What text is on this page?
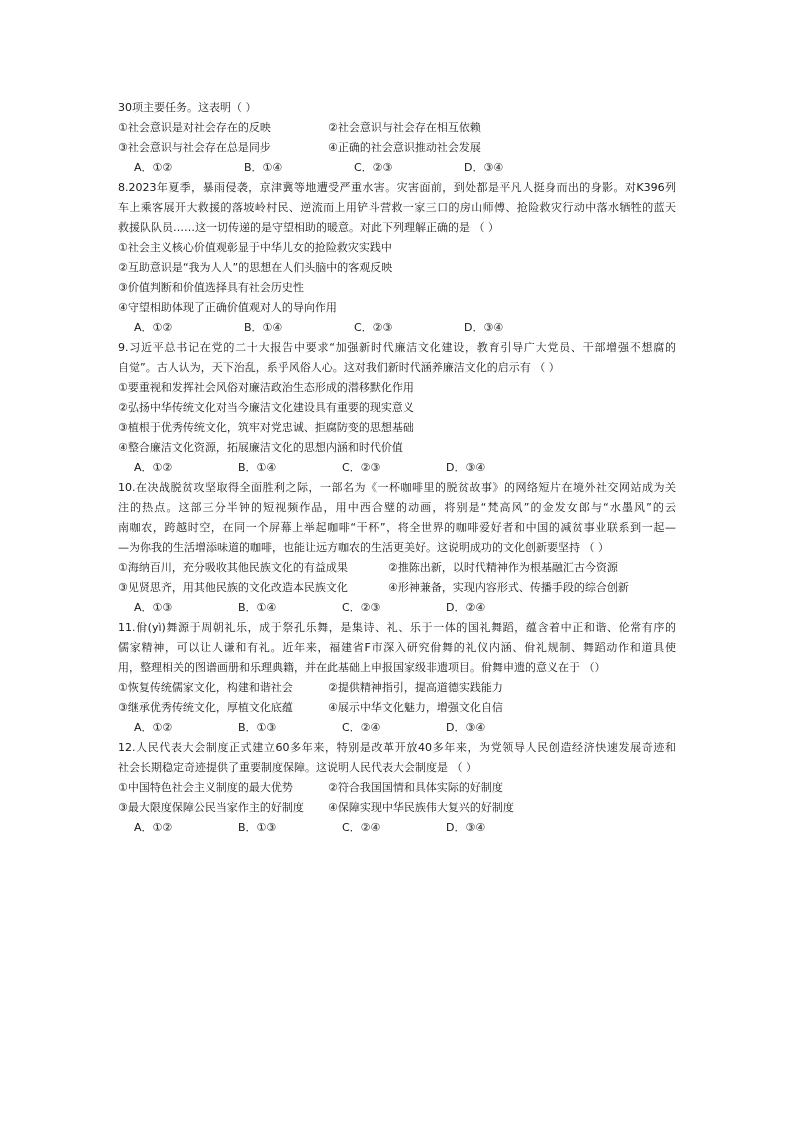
30项主要任务。这表明（ ）
①社会意识是对社会存在的反映	②社会意识与社会存在相互依赖
③社会意识与社会存在总是同步	④正确的社会意识推动社会发展
A．①②	B．①④	C．②③	D．③④
8.2023年夏季，暴雨侵袭，京津冀等地遭受严重水害。灾害面前，到处都是平凡人挺身而出的身影。对K396列
车上乘客展开大救援的落坡岭村民、逆流而上用铲斗营救一家三口的房山师傅、抢险救灾行动中落水牺牲的蓝天
救援队队员……这一切传递的是守望相助的暖意。对此下列理解正确的是 （ ）
①社会主义核心价值观彰显于中华儿女的抢险救灾实践中
②互助意识是“我为人人”的思想在人们头脑中的客观反映
③价值判断和价值选择具有社会历史性
④守望相助体现了正确价值观对人的导向作用
A．①②	B．①④	C．②③	D．③④
9.习近平总书记在党的二十大报告中要求“加强新时代廉洁文化建设，教育引导广大党员、干部增强不想腐的
自觉”。古人认为，天下治乱，系乎风俗人心。这对我们新时代涵养廉洁文化的启示有 （ ）
①要重视和发挥社会风俗对廉洁政治生态形成的潜移默化作用
②弘扬中华传统文化对当今廉洁文化建设具有重要的现实意义
③植根于优秀传统文化，筑牢对党忠诚、拒腐防变的思想基础
④整合廉洁文化资源，拓展廉洁文化的思想内涵和时代价值
A．①②	B．①④	C．②③	D．③④
10.在决战脱贫攻坚取得全面胜利之际，一部名为《一杯咖啡里的脱贫故事》的网络短片在境外社交网站成为关
注的热点。这部三分半钟的短视频作品，用中西合璧的动画，将别是“梵高风”的金发女郎与“水墨风”的云
南咖农，跨越时空，在同一个屏幕上举起咖啡“干杯”，将全世界的咖啡爱好者和中国的减贫事业联系到一起—
—为你我的生活增添味道的咖啡，也能让远方咖农的生活更美好。这说明成功的文化创新要坚持 （ ）
①海纳百川，充分吸收其他民族文化的有益成果	②推陈出新，以时代精神作为根基融汇古今资源
③见贤思齐，用其他民族的文化改造本民族文化	④形神兼备，实现内容形式、传播手段的综合创新
A．①③	B．①④	C．②③	D．②④
11.佾(yì)舞源于周朝礼乐，成于祭孔乐舞，是集诗、礼、乐于一体的国礼舞蹈，蕴含着中正和谐、伦常有序的
儒家精神，可以让人谦和有礼。近年来，福建省F市深入研究佾舞的礼仪内涵、佾礼规制、舞蹈动作和道具使
用，整理相关的图谱画册和乐理典籍，并在此基础上申报国家级非遗项目。佾舞申遗的意义在于 （）
①恢复传统儒家文化，构建和谐社会	②提供精神指引，提高道德实践能力
③继承优秀传统文化，厚植文化底蕴	④展示中华文化魅力，增强文化自信
A．①②	B．①③	C．②④	D．③④
12.人民代表大会制度正式建立60多年来，特别是改革开放40多年来，为党领导人民创造经济快速发展奇迹和
社会长期稳定奇迹提供了重要制度保障。这说明人民代表大会制度是 （ ）
①中国特色社会主义制度的最大优势	②符合我国国情和具体实际的好制度
③最大限度保障公民当家作主的好制度	④保障实现中华民族伟大复兴的好制度
A．①②	B．①③	C．②④	D．③④
